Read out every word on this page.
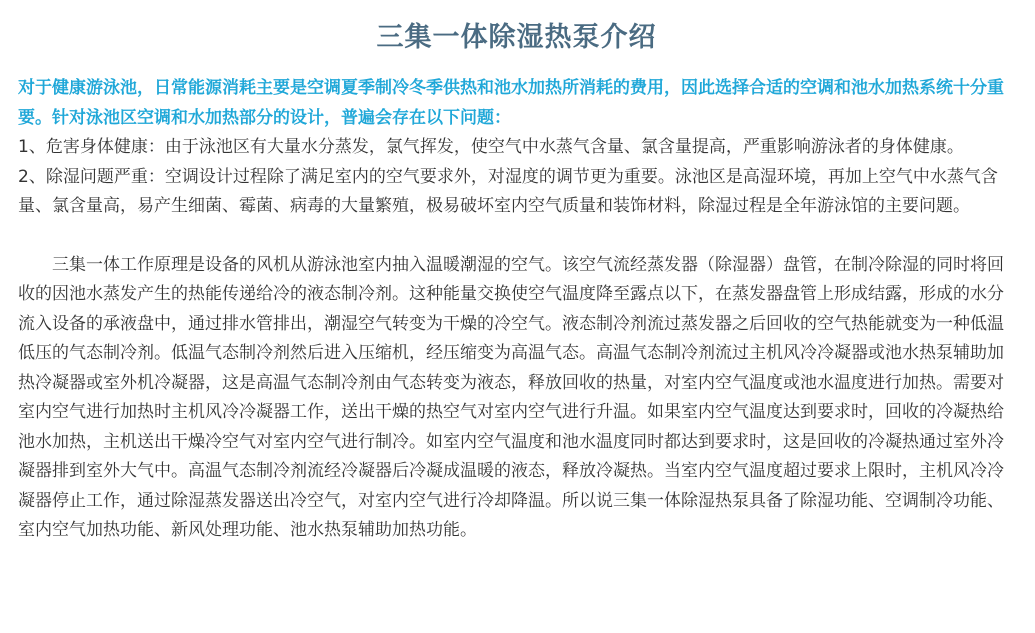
三集一体除湿热泵介绍

对于健康游泳池，日常能源消耗主要是空调夏季制冷冬季供热和池水加热所消耗的费用，因此选择合适的空调和池水加热系统十分重要。针对泳池区空调和水加热部分的设计，普遍会存在以下问题：

1、危害身体健康：由于泳池区有大量水分蒸发，氯气挥发，使空气中水蒸气含量、氯含量提高，严重影响游泳者的身体健康。

2、除湿问题严重：空调设计过程除了满足室内的空气要求外，对湿度的调节更为重要。泳池区是高湿环境，再加上空气中水蒸气含量、氯含量高，易产生细菌、霉菌、病毒的大量繁殖，极易破坏室内空气质量和装饰材料，除湿过程是全年游泳馆的主要问题。

三集一体工作原理是设备的风机从游泳池室内抽入温暖潮湿的空气。该空气流经蒸发器（除湿器）盘管，在制冷除湿的同时将回收的因池水蒸发产生的热能传递给冷的液态制冷剂。这种能量交换使空气温度降至露点以下，在蒸发器盘管上形成结露，形成的水分流入设备的承液盘中，通过排水管排出，潮湿空气转变为干燥的冷空气。液态制冷剂流过蒸发器之后回收的空气热能就变为一种低温低压的气态制冷剂。低温气态制冷剂然后进入压缩机，经压缩变为高温气态。高温气态制冷剂流过主机风冷冷凝器或池水热泵辅助加热冷凝器或室外机冷凝器，这是高温气态制冷剂由气态转变为液态，释放回收的热量，对室内空气温度或池水温度进行加热。需要对室内空气进行加热时主机风冷冷凝器工作，送出干燥的热空气对室内空气进行升温。如果室内空气温度达到要求时，回收的冷凝热给池水加热，主机送出干燥冷空气对室内空气进行制冷。如室内空气温度和池水温度同时都达到要求时，这是回收的冷凝热通过室外冷凝器排到室外大气中。高温气态制冷剂流经冷凝器后冷凝成温暖的液态，释放冷凝热。当室内空气温度超过要求上限时，主机风冷冷凝器停止工作，通过除湿蒸发器送出冷空气，对室内空气进行冷却降温。所以说三集一体除湿热泵具备了除湿功能、空调制冷功能、室内空气加热功能、新风处理功能、池水热泵辅助加热功能。
